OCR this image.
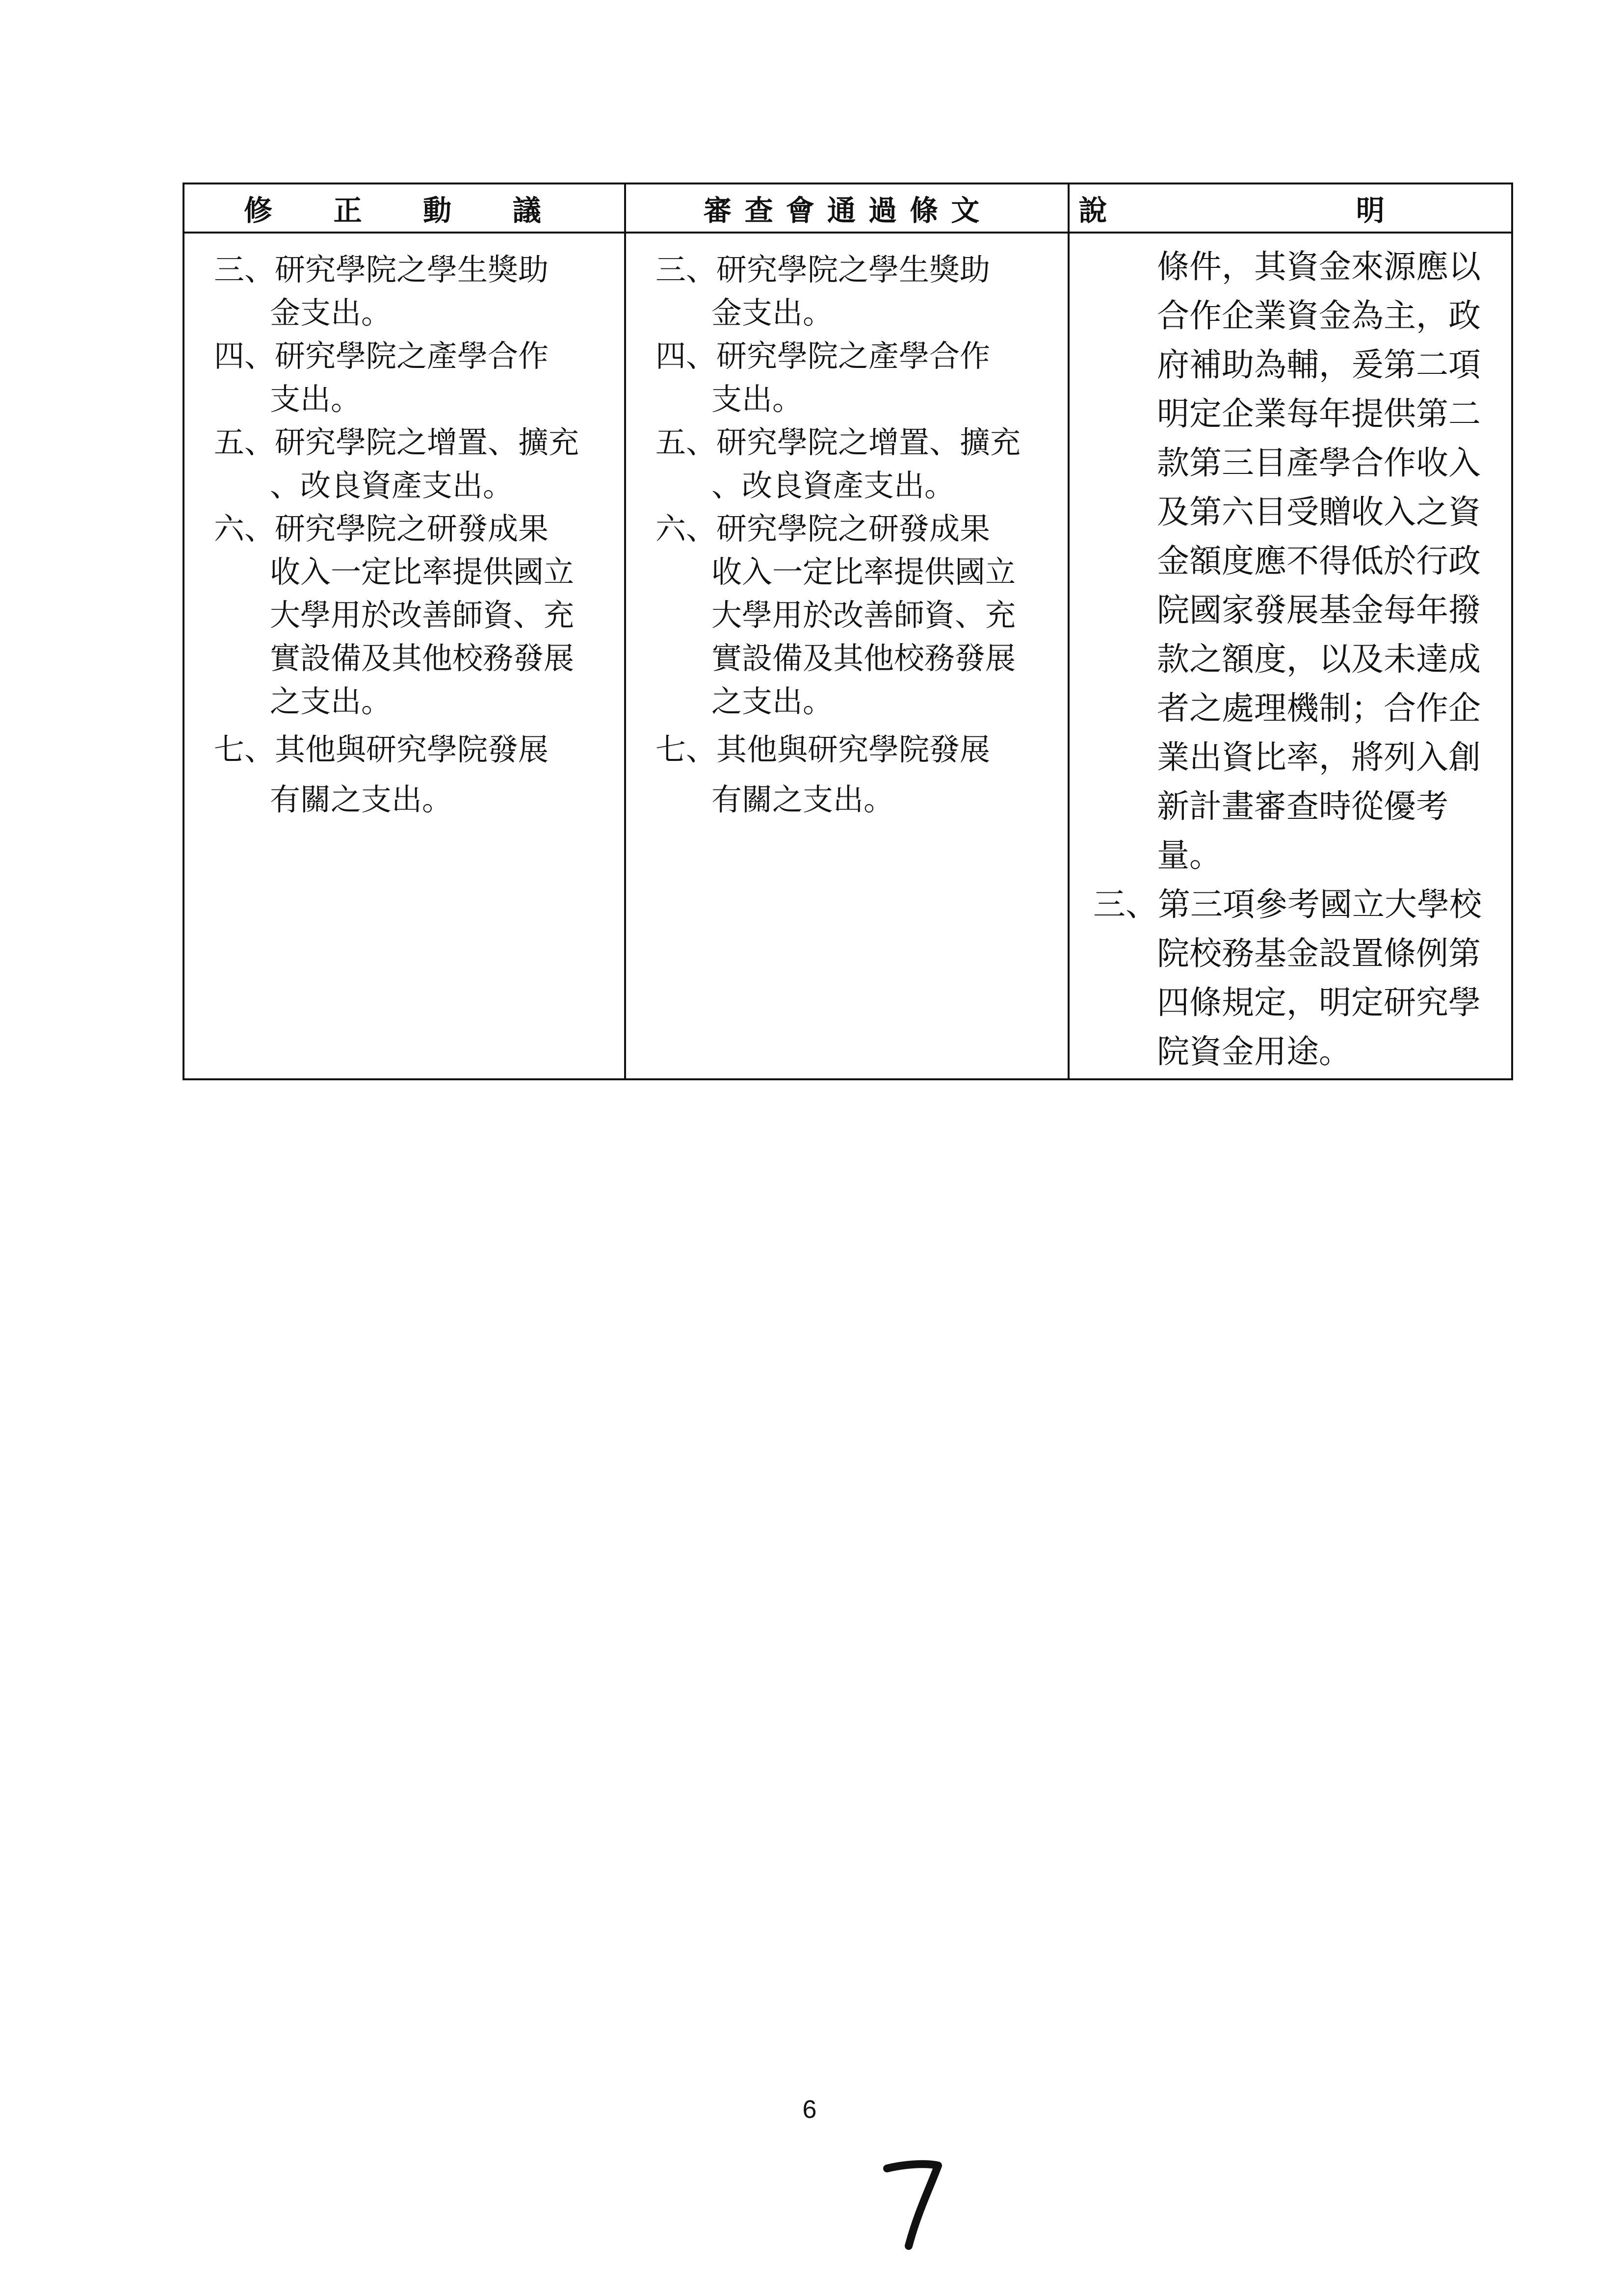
修 正 動 議	審查會通過條文	說 明
三、研究學院之學生獎助
金支出。
四、研究學院之產學合作
支出。
五、研究學院之增置、擴充
、改良資產支出。
六、研究學院之研發成果
收入一定比率提供國立
大學用於改善師資、充
實設備及其他校務發展
之支出。
七、其他與研究學院發展
有關之支出。
三、研究學院之學生獎助
金支出。
四、研究學院之產學合作
支出。
五、研究學院之增置、擴充
、改良資產支出。
六、研究學院之研發成果
收入一定比率提供國立
大學用於改善師資、充
實設備及其他校務發展
之支出。
七、其他與研究學院發展
有關之支出。
條件，其資金來源應以
合作企業資金為主，政
府補助為輔，爰第二項
明定企業每年提供第二
款第三目產學合作收入
及第六目受贈收入之資
金額度應不得低於行政
院國家發展基金每年撥
款之額度，以及未達成
者之處理機制；合作企
業出資比率，將列入創
新計畫審查時從優考
量。
三、第三項參考國立大學校
院校務基金設置條例第
四條規定，明定研究學
院資金用途。
6
